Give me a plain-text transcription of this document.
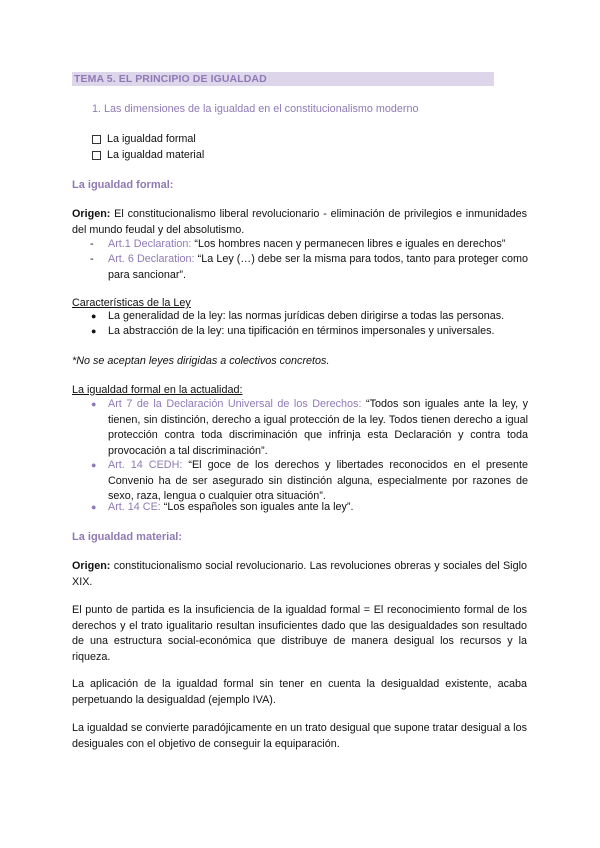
TEMA 5. EL PRINCIPIO DE IGUALDAD
1. Las dimensiones de la igualdad en el constitucionalismo moderno
La igualdad formal
La igualdad material
La igualdad formal:
Origen: El constitucionalismo liberal revolucionario - eliminación de privilegios e inmunidades del mundo feudal y del absolutismo.
- Art.1 Declaration: “Los hombres nacen y permanecen libres e iguales en derechos”
- Art. 6 Declaration: “La Ley (…) debe ser la misma para todos, tanto para proteger como para sancionar”.
Características de la Ley
● La generalidad de la ley: las normas jurídicas deben dirigirse a todas las personas.
● La abstracción de la ley: una tipificación en términos impersonales y universales.
*No se aceptan leyes dirigidas a colectivos concretos.
La igualdad formal en la actualidad:
● Art 7 de la Declaración Universal de los Derechos: “Todos son iguales ante la ley, y tienen, sin distinción, derecho a igual protección de la ley. Todos tienen derecho a igual protección contra toda discriminación que infrinja esta Declaración y contra toda provocación a tal discriminación”.
● Art. 14 CEDH: “El goce de los derechos y libertades reconocidos en el presente Convenio ha de ser asegurado sin distinción alguna, especialmente por razones de sexo, raza, lengua o cualquier otra situación”.
● Art. 14 CE: “Los españoles son iguales ante la ley”.
La igualdad material:
Origen: constitucionalismo social revolucionario. Las revoluciones obreras y sociales del Siglo XIX.
El punto de partida es la insuficiencia de la igualdad formal = El reconocimiento formal de los derechos y el trato igualitario resultan insuficientes dado que las desigualdades son resultado de una estructura social-económica que distribuye de manera desigual los recursos y la riqueza.
La aplicación de la igualdad formal sin tener en cuenta la desigualdad existente, acaba perpetuando la desigualdad (ejemplo IVA).
La igualdad se convierte paradójicamente en un trato desigual que supone tratar desigual a los desiguales con el objetivo de conseguir la equiparación.
